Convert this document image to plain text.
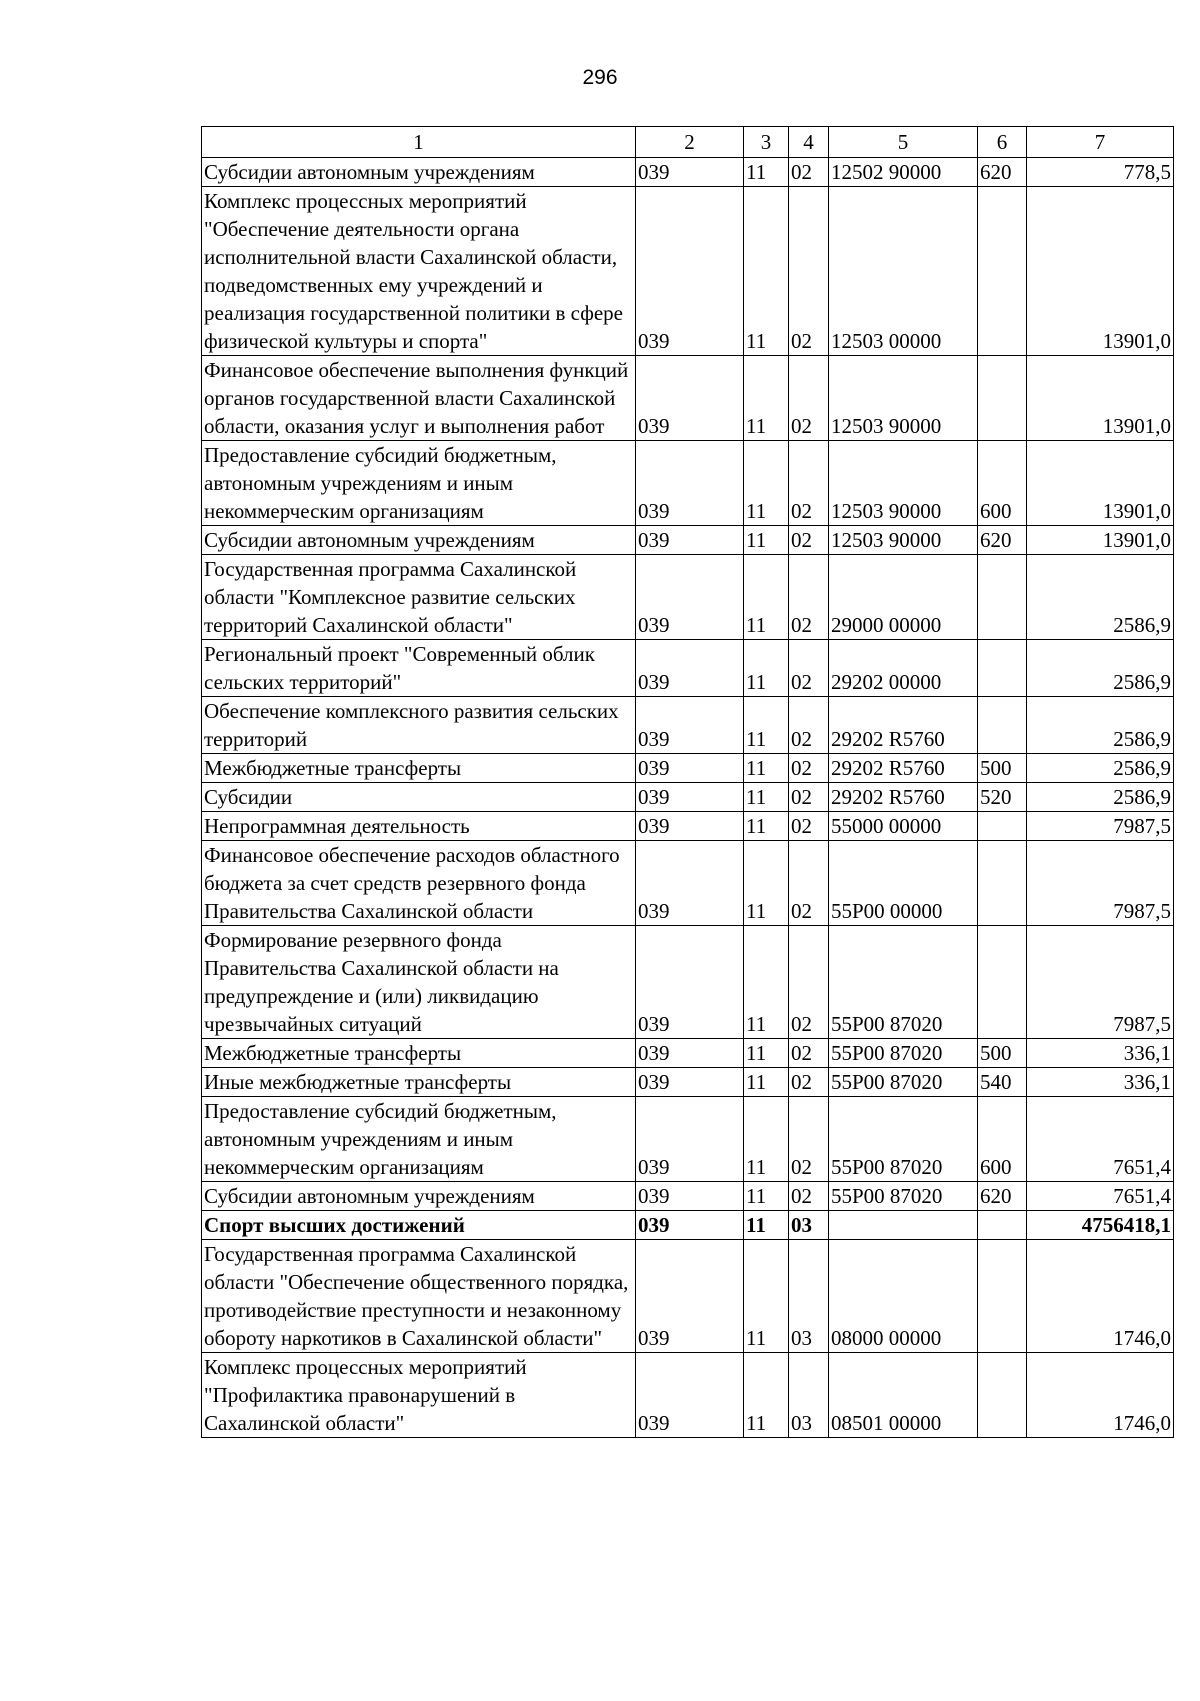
296
1	2	3	4	5	6	7
Субсидии автономным учреждениям	039	11	02	12502 90000	620	778,5
Комплекс процессных мероприятий "Обеспечение деятельности органа исполнительной власти Сахалинской области, подведомственных ему учреждений и реализация государственной политики в сфере физической культуры и спорта"	039	11	02	12503 00000		13901,0
Финансовое обеспечение выполнения функций органов государственной власти Сахалинской области, оказания услуг и выполнения работ	039	11	02	12503 90000		13901,0
Предоставление субсидий бюджетным, автономным учреждениям и иным некоммерческим организациям	039	11	02	12503 90000	600	13901,0
Субсидии автономным учреждениям	039	11	02	12503 90000	620	13901,0
Государственная программа Сахалинской области "Комплексное развитие сельских территорий Сахалинской области"	039	11	02	29000 00000		2586,9
Региональный проект "Современный облик сельских территорий"	039	11	02	29202 00000		2586,9
Обеспечение комплексного развития сельских территорий	039	11	02	29202 R5760		2586,9
Межбюджетные трансферты	039	11	02	29202 R5760	500	2586,9
Субсидии	039	11	02	29202 R5760	520	2586,9
Непрограммная деятельность	039	11	02	55000 00000		7987,5
Финансовое обеспечение расходов областного бюджета за счет средств резервного фонда Правительства Сахалинской области	039	11	02	55Р00 00000		7987,5
Формирование резервного фонда Правительства Сахалинской области на предупреждение и (или) ликвидацию чрезвычайных ситуаций	039	11	02	55Р00 87020		7987,5
Межбюджетные трансферты	039	11	02	55Р00 87020	500	336,1
Иные межбюджетные трансферты	039	11	02	55Р00 87020	540	336,1
Предоставление субсидий бюджетным, автономным учреждениям и иным некоммерческим организациям	039	11	02	55Р00 87020	600	7651,4
Субсидии автономным учреждениям	039	11	02	55Р00 87020	620	7651,4
Спорт высших достижений	039	11	03			4756418,1
Государственная программа Сахалинской области "Обеспечение общественного порядка, противодействие преступности и незаконному обороту наркотиков в Сахалинской области"	039	11	03	08000 00000		1746,0
Комплекс процессных мероприятий "Профилактика правонарушений в Сахалинской области"	039	11	03	08501 00000		1746,0
